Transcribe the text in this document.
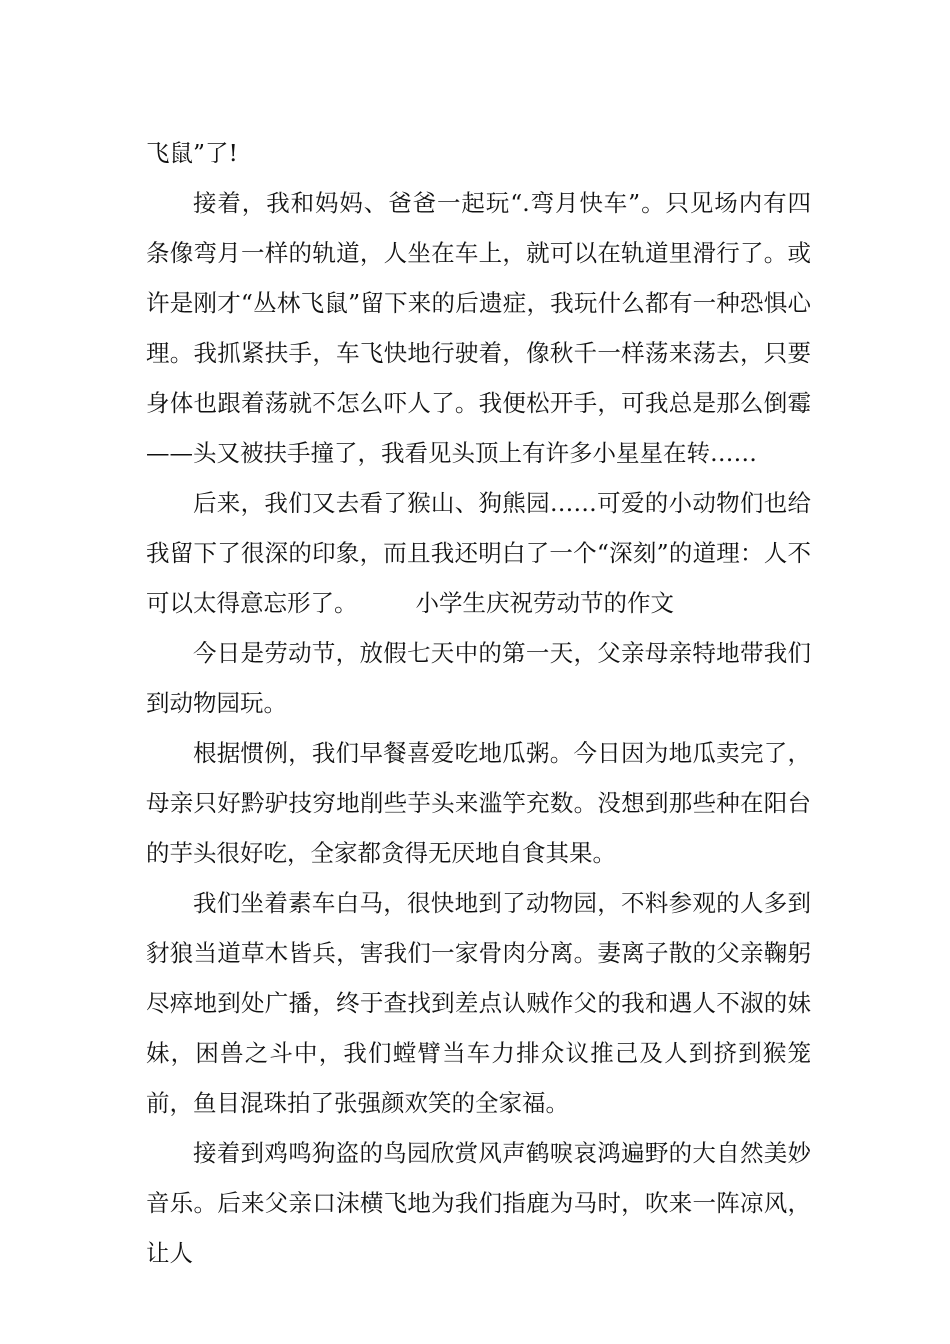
飞鼠”了!

接着，我和妈妈、爸爸一起玩“.弯月快车”。只见场内有四条像弯月一样的轨道，人坐在车上，就可以在轨道里滑行了。或许是刚才“丛林飞鼠”留下来的后遗症，我玩什么都有一种恐惧心理。我抓紧扶手，车飞快地行驶着，像秋千一样荡来荡去，只要身体也跟着荡就不怎么吓人了。我便松开手，可我总是那么倒霉——头又被扶手撞了，我看见头顶上有许多小星星在转……

后来，我们又去看了猴山、狗熊园……可爱的小动物们也给我留下了很深的印象，而且我还明白了一个“深刻”的道理：人不可以太得意忘形了。 小学生庆祝劳动节的作文

今日是劳动节，放假七天中的第一天，父亲母亲特地带我们到动物园玩。

根据惯例，我们早餐喜爱吃地瓜粥。今日因为地瓜卖完了，母亲只好黔驴技穷地削些芋头来滥竽充数。没想到那些种在阳台的芋头很好吃，全家都贪得无厌地自食其果。

我们坐着素车白马，很快地到了动物园，不料参观的人多到豺狼当道草木皆兵，害我们一家骨肉分离。妻离子散的父亲鞠躬尽瘁地到处广播，终于查找到差点认贼作父的我和遇人不淑的妹妹，困兽之斗中，我们螳臂当车力排众议推己及人到挤到猴笼前，鱼目混珠拍了张强颜欢笑的全家福。

接着到鸡鸣狗盗的鸟园欣赏风声鹤唳哀鸿遍野的大自然美妙音乐。后来父亲口沫横飞地为我们指鹿为马时，吹来一阵凉风，让人
